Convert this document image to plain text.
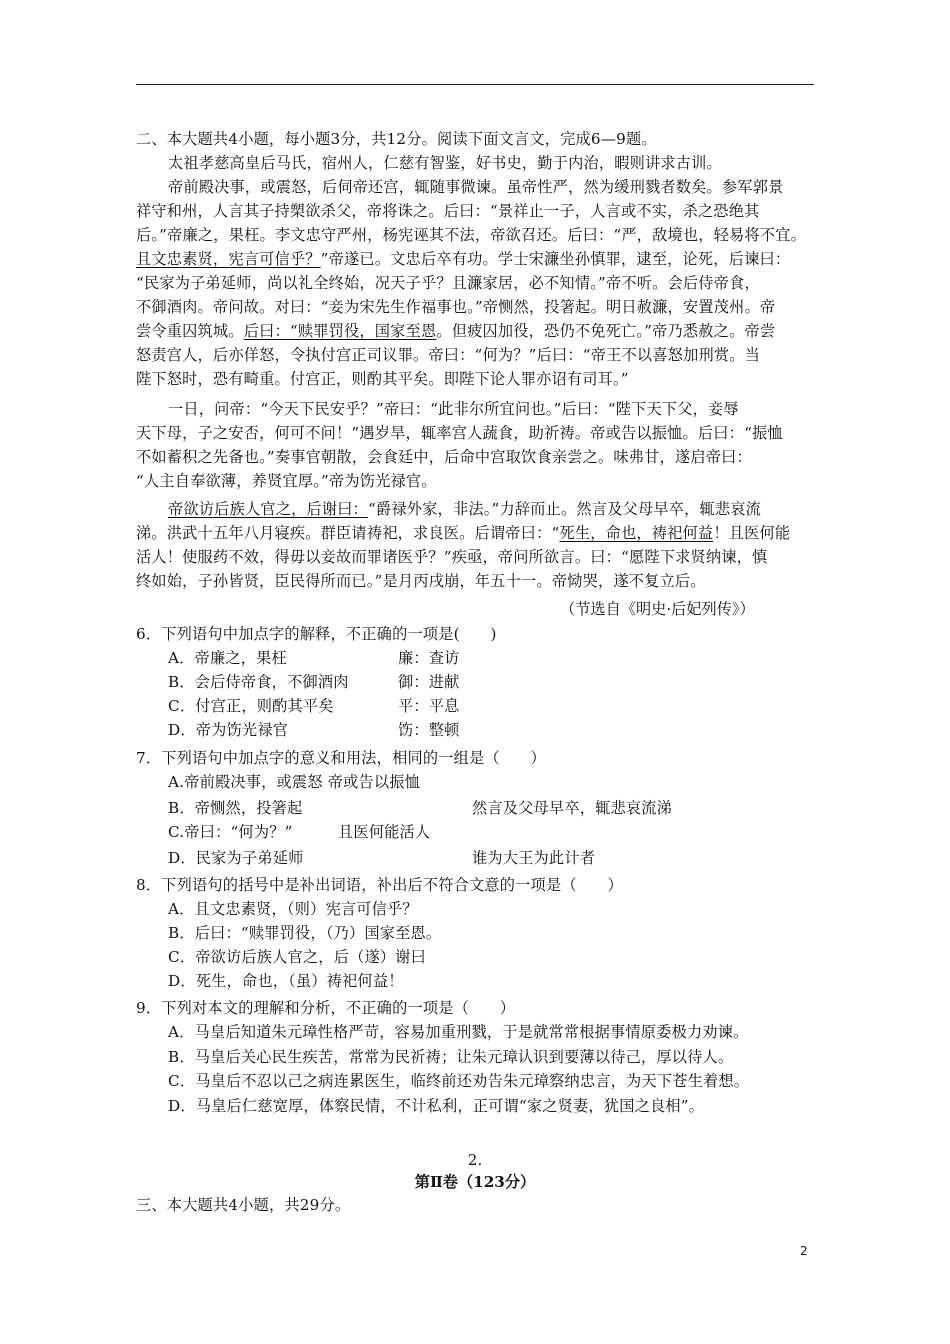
二、本大题共4小题，每小题3分，共12分。阅读下面文言文，完成6—9题。
太祖孝慈高皇后马氏，宿州人，仁慈有智鉴，好书史，勤于内治，暇则讲求古训。
帝前殿决事，或震怒，后伺帝还宫，辄随事微谏。虽帝性严，然为缓刑戮者数矣。参军郭景
祥守和州，人言其子持槊欲杀父，帝将诛之。后曰：“景祥止一子，人言或不实，杀之恐绝其
后。”帝廉之，果枉。李文忠守严州，杨宪诬其不法，帝欲召还。后曰：“严，敌境也，轻易将不宜。
且文忠素贤，宪言可信乎？”帝遂已。文忠后卒有功。学士宋濂坐孙慎罪，逮至，论死，后谏曰：
“民家为子弟延师，尚以礼全终始，况天子乎？且濂家居，必不知情。”帝不听。会后侍帝食，
不御酒肉。帝问故。对曰：“妾为宋先生作福事也。”帝恻然，投箸起。明日赦濂，安置茂州。帝
尝令重囚筑城。后曰：“赎罪罚役，国家至恩。但疲囚加役，恐仍不免死亡。”帝乃悉赦之。帝尝
怒责宫人，后亦佯怒，令执付宫正司议罪。帝曰：“何为？”后曰：“帝王不以喜怒加刑赏。当
陛下怒时，恐有畸重。付宫正，则酌其平矣。即陛下论人罪亦诏有司耳。”
一日，问帝：“今天下民安乎？”帝曰：“此非尔所宜问也。”后曰：“陛下天下父，妾辱
天下母，子之安否，何可不问！”遇岁旱，辄率宫人蔬食，助祈祷。帝或告以振恤。后曰：“振恤
不如蓄积之先备也。”奏事官朝散，会食廷中，后命中宫取饮食亲尝之。味弗甘，遂启帝曰：
“人主自奉欲薄，养贤宜厚。”帝为饬光禄官。
帝欲访后族人官之，后谢曰：“爵禄外家，非法。”力辞而止。然言及父母早卒，辄悲哀流
涕。洪武十五年八月寝疾。群臣请祷祀，求良医。后谓帝曰：“死生，命也，祷祀何益！且医何能
活人！使服药不效，得毋以妾故而罪诸医乎？”疾亟，帝问所欲言。曰：“愿陛下求贤纳谏，慎
终如始，子孙皆贤，臣民得所而已。”是月丙戌崩，年五十一。帝恸哭，遂不复立后。
（节选自《明史·后妃列传》）
6．下列语句中加点字的解释，不正确的一项是(　　)
A．帝廉之，果枉	廉：查访
B．会后侍帝食，不御酒肉	御：进献
C．付宫正，则酌其平矣	平：平息
D．帝为饬光禄官	饬：整顿
7．下列语句中加点字的意义和用法，相同的一组是（　　）
A.帝前殿决事，或震怒 帝或告以振恤
B．帝恻然，投箸起	然言及父母早卒，辄悲哀流涕
C.帝曰：“何为？”	且医何能活人
D．民家为子弟延师	谁为大王为此计者
8．下列语句的括号中是补出词语，补出后不符合文意的一项是（　　）
A．且文忠素贤，（则）宪言可信乎？
B．后曰：“赎罪罚役，（乃）国家至恩。
C．帝欲访后族人官之，后（遂）谢曰
D．死生，命也，（虽）祷祀何益！
9．下列对本文的理解和分析，不正确的一项是（　　）
A．马皇后知道朱元璋性格严苛，容易加重刑戮，于是就常常根据事情原委极力劝谏。
B．马皇后关心民生疾苦，常常为民祈祷；让朱元璋认识到要薄以待己，厚以待人。
C．马皇后不忍以己之病连累医生，临终前还劝告朱元璋察纳忠言，为天下苍生着想。
D．马皇后仁慈宽厚，体察民情，不计私利，正可谓“家之贤妻，犹国之良相”。
2.
第Ⅱ卷（123分）
三、本大题共4小题，共29分。
2
